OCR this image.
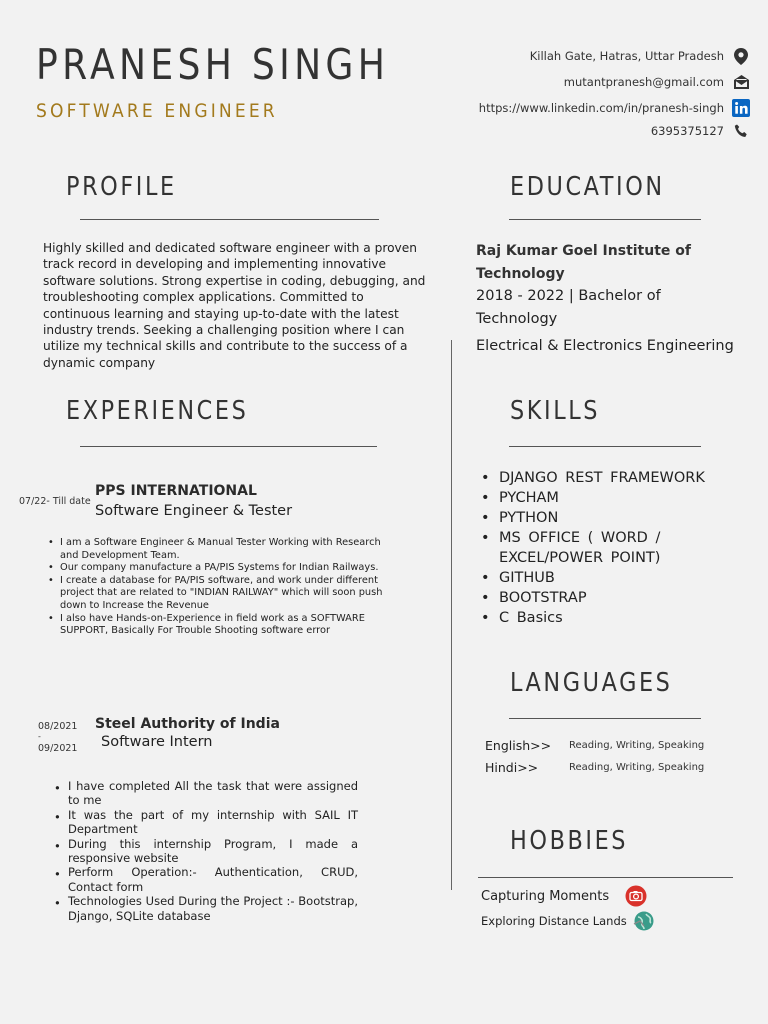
PRANESH SINGH
SOFTWARE ENGINEER
Killah Gate, Hatras, Uttar Pradesh
mutantpranesh@gmail.com
https://www.linkedin.com/in/pranesh-singh
6395375127
PROFILE
Highly skilled and dedicated software engineer with a proven track record in developing and implementing innovative software solutions. Strong expertise in coding, debugging, and troubleshooting complex applications. Committed to continuous learning and staying up-to-date with the latest industry trends. Seeking a challenging position where I can utilize my technical skills and contribute to the success of a dynamic company
EDUCATION
Raj Kumar Goel Institute of Technology
2018 - 2022 | Bachelor of Technology
Electrical & Electronics Engineering
EXPERIENCES
07/22- Till date
PPS INTERNATIONAL
Software Engineer & Tester
• I am a Software Engineer & Manual Tester Working with Research and Development Team.
• Our company manufacture a PA/PIS Systems for Indian Railways.
• I create a database for PA/PIS software, and work under different project that are related to "INDIAN RAILWAY" which will soon push down to Increase the Revenue
• I also have Hands-on-Experience in field work as a SOFTWARE SUPPORT, Basically For Trouble Shooting software error
08/2021
-
09/2021
Steel Authority of India
Software Intern
• I have completed All the task that were assigned to me
• It was the part of my internship with SAIL IT Department
• During this internship Program, I made a responsive website
• Perform Operation:- Authentication, CRUD, Contact form
• Technologies Used During the Project :- Bootstrap, Django, SQLite database
SKILLS
• DJANGO REST FRAMEWORK
• PYCHAM
• PYTHON
• MS OFFICE ( WORD / EXCEL/POWER POINT)
• GITHUB
• BOOTSTRAP
• C Basics
LANGUAGES
English>>	Reading, Writing, Speaking
Hindi>>	Reading, Writing, Speaking
HOBBIES
Capturing Moments
Exploring Distance Lands
